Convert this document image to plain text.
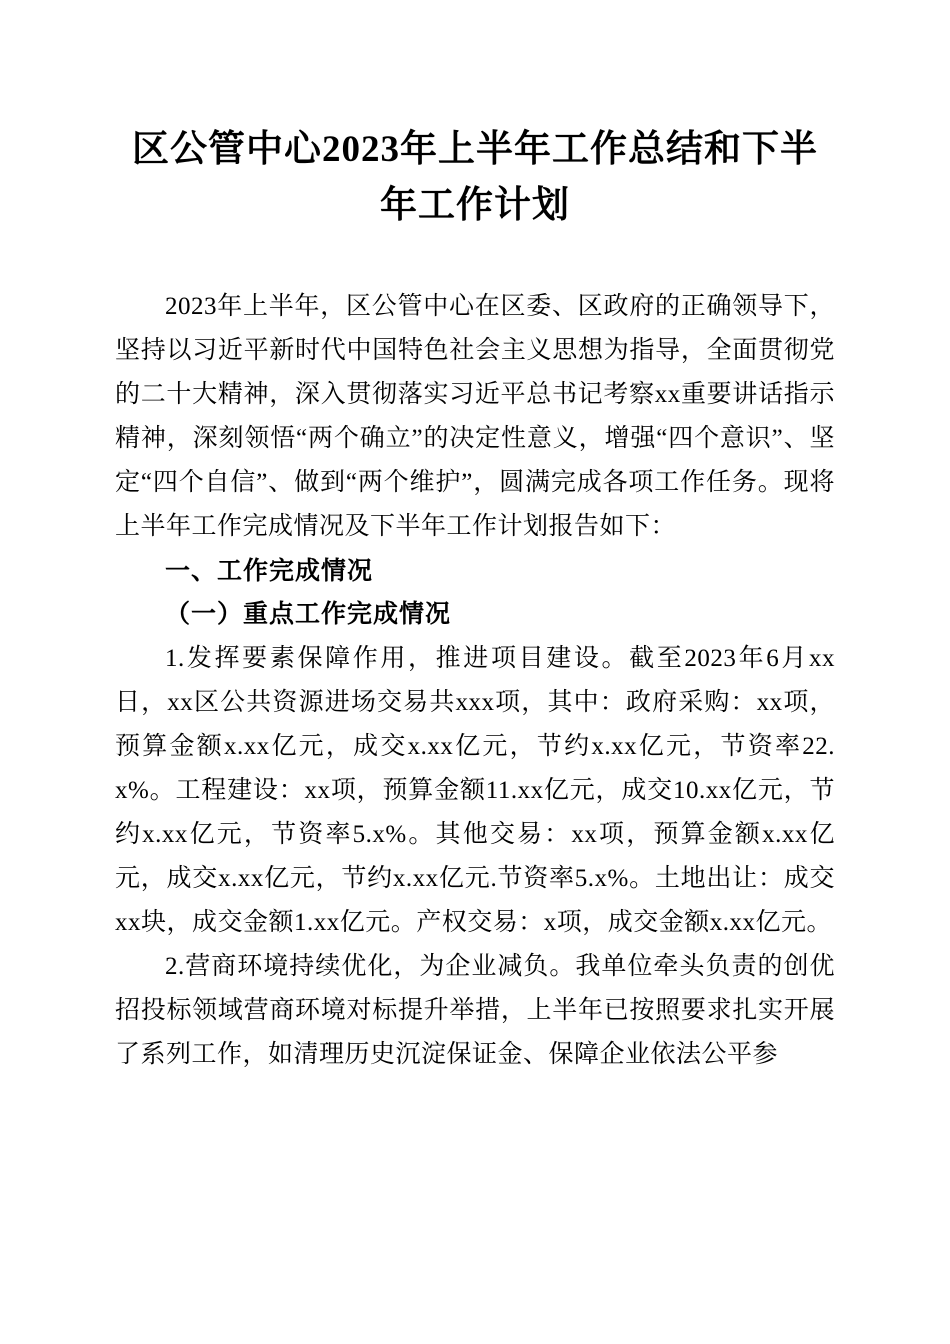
区公管中心2023年上半年工作总结和下半年工作计划

2023年上半年，区公管中心在区委、区政府的正确领导下，坚持以习近平新时代中国特色社会主义思想为指导，全面贯彻党的二十大精神，深入贯彻落实习近平总书记考察xx重要讲话指示精神，深刻领悟“两个确立”的决定性意义，增强“四个意识”、坚定“四个自信”、做到“两个维护”，圆满完成各项工作任务。现将上半年工作完成情况及下半年工作计划报告如下：

一、工作完成情况

（一）重点工作完成情况

1.发挥要素保障作用，推进项目建设。截至2023年6月xx日，xx区公共资源进场交易共xxx项，其中：政府采购：xx项，预算金额x.xx亿元，成交x.xx亿元，节约x.xx亿元，节资率22.x%。工程建设：xx项，预算金额11.xx亿元，成交10.xx亿元，节约x.xx亿元，节资率5.x%。其他交易：xx项，预算金额x.xx亿元，成交x.xx亿元，节约x.xx亿元.节资率5.x%。土地出让：成交xx块，成交金额1.xx亿元。产权交易：x项，成交金额x.xx亿元。

2.营商环境持续优化，为企业减负。我单位牵头负责的创优招投标领域营商环境对标提升举措，上半年已按照要求扎实开展了系列工作，如清理历史沉淀保证金、保障企业依法公平参
